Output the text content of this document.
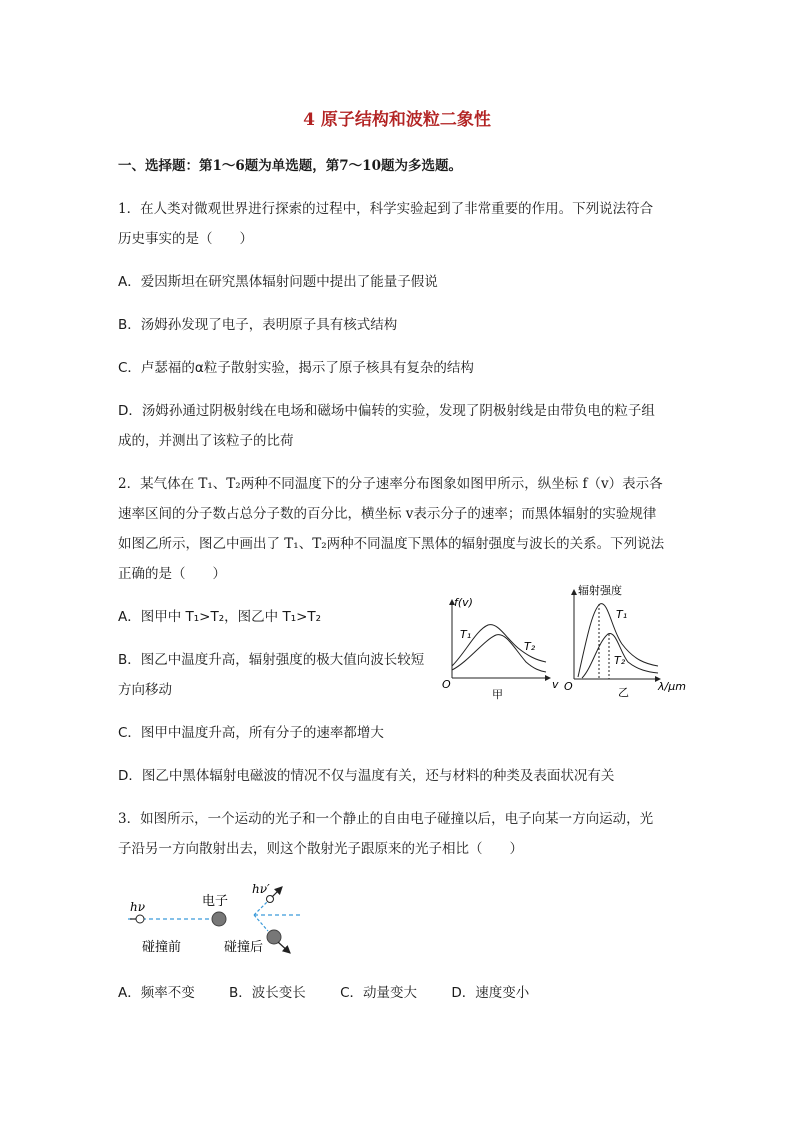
4 原子结构和波粒二象性
一、选择题：第1～6题为单选题，第7～10题为多选题。
1．在人类对微观世界进行探索的过程中，科学实验起到了非常重要的作用。下列说法符合
历史事实的是（　　）
A．爱因斯坦在研究黑体辐射问题中提出了能量子假说
B．汤姆孙发现了电子，表明原子具有核式结构
C．卢瑟福的α粒子散射实验，揭示了原子核具有复杂的结构
D．汤姆孙通过阴极射线在电场和磁场中偏转的实验，发现了阴极射线是由带负电的粒子组
成的，并测出了该粒子的比荷
2．某气体在 T₁、T₂两种不同温度下的分子速率分布图象如图甲所示，纵坐标 f（v）表示各
速率区间的分子数占总分子数的百分比，横坐标 v表示分子的速率；而黑体辐射的实验规律
如图乙所示，图乙中画出了 T₁、T₂两种不同温度下黑体的辐射强度与波长的关系。下列说法
正确的是（　　）
A．图甲中 T₁>T₂，图乙中 T₁>T₂
B．图乙中温度升高，辐射强度的极大值向波长较短
方向移动
C．图甲中温度升高，所有分子的速率都增大
D．图乙中黑体辐射电磁波的情况不仅与温度有关，还与材料的种类及表面状况有关
f(v)
v
O
T₁
T₂
甲
辐射强度
λ/μm
O
T₁
T₂
乙
3．如图所示，一个运动的光子和一个静止的自由电子碰撞以后，电子向某一方向运动，光
子沿另一方向散射出去，则这个散射光子跟原来的光子相比（　　）
hν	电子
碰撞前
hν′
碰撞后
A．频率不变	B．波长变长	C．动量变大	D．速度变小
